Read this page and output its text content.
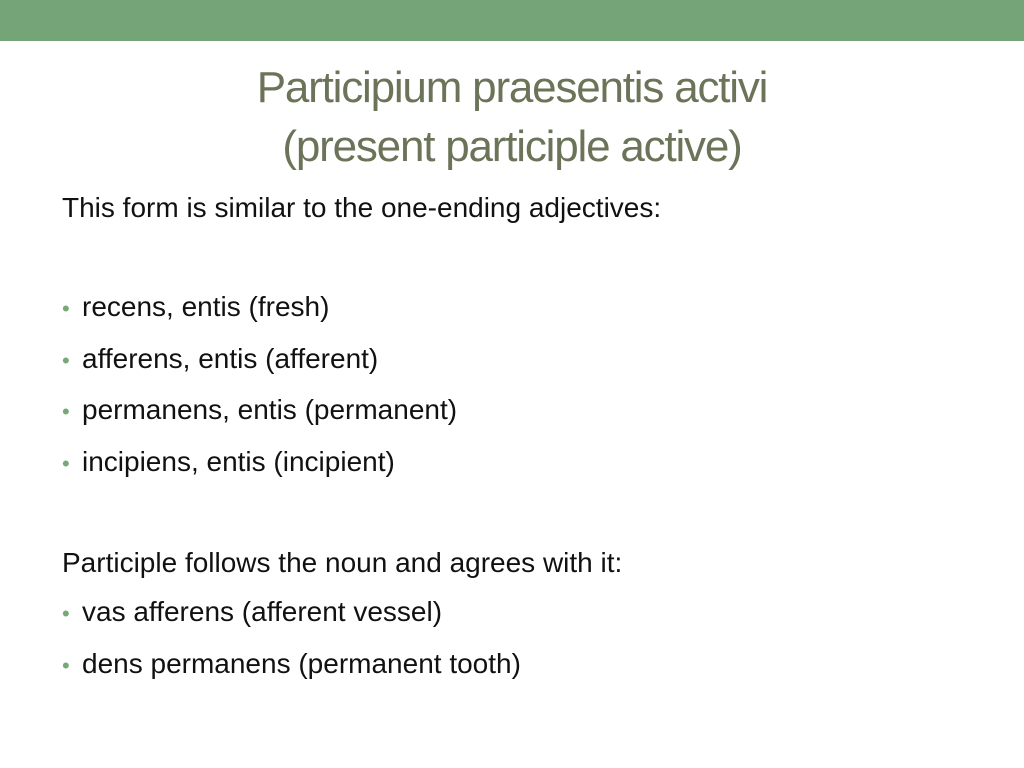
Participium praesentis activi
(present participle active)

This form is similar to the one-ending adjectives:

• recens, entis (fresh)

• afferens, entis (afferent)

• permanens, entis (permanent)

• incipiens, entis (incipient)

Participle follows the noun and agrees with it:

• vas afferens (afferent vessel)

• dens permanens (permanent tooth)
